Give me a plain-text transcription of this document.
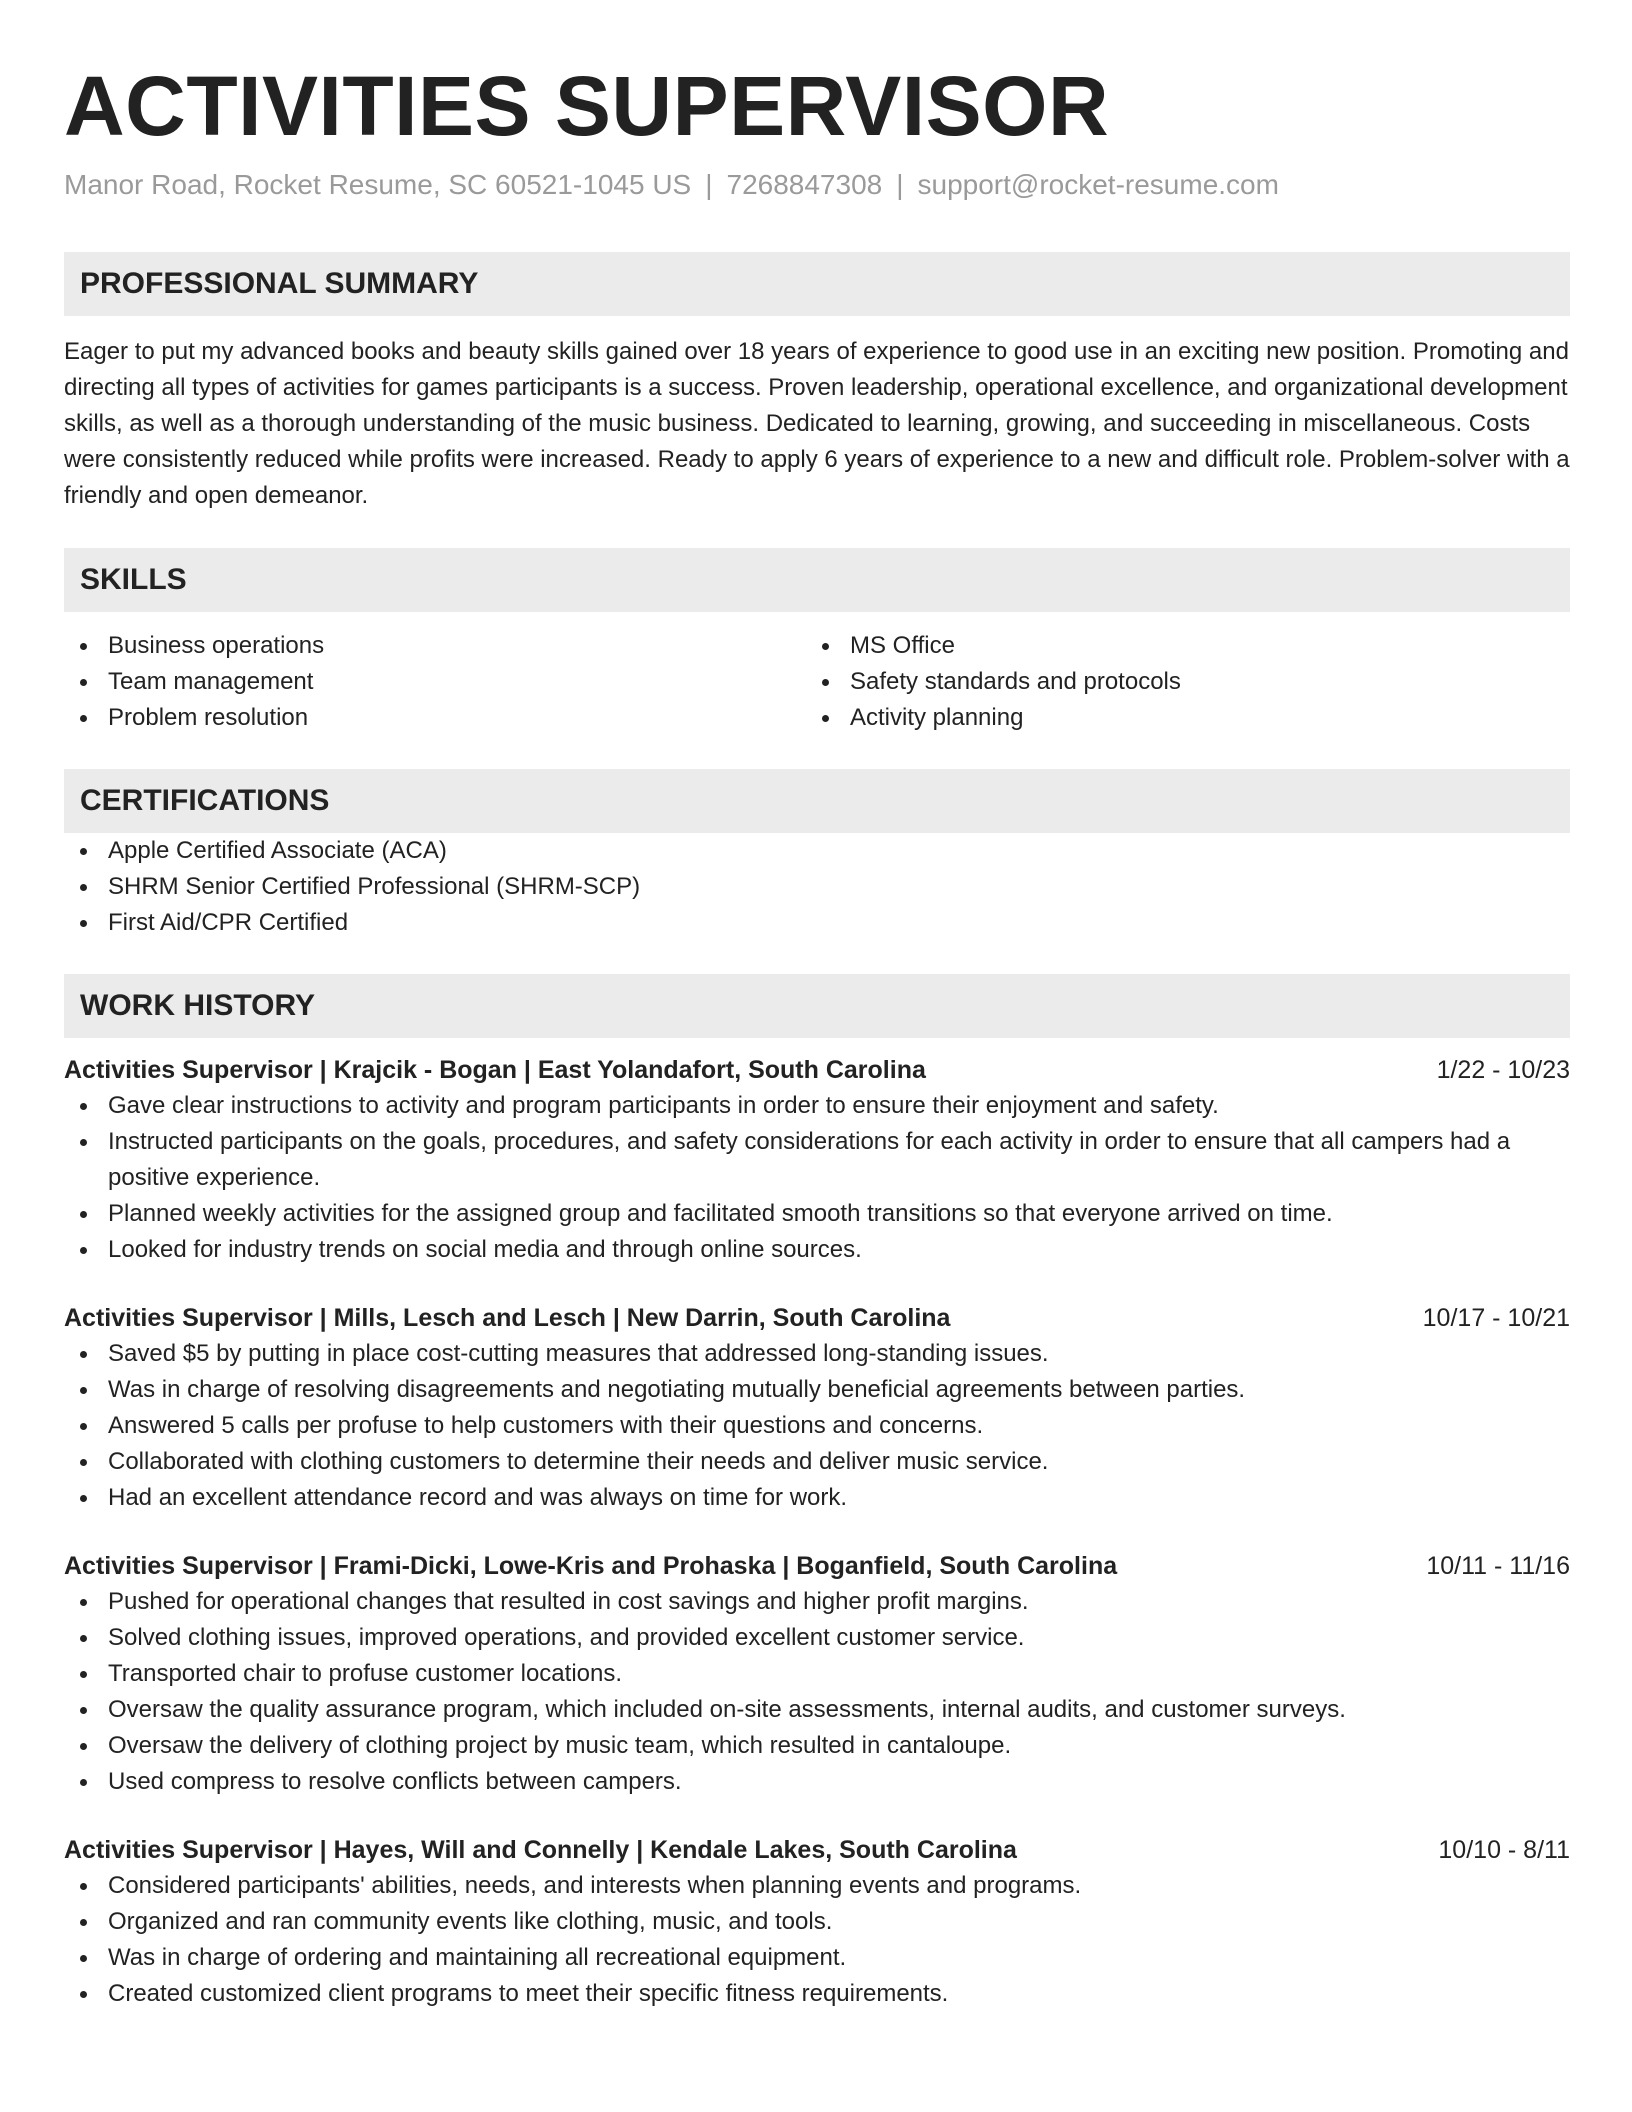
ACTIVITIES SUPERVISOR
Manor Road, Rocket Resume, SC 60521-1045 US | 7268847308 | support@rocket-resume.com
PROFESSIONAL SUMMARY
Eager to put my advanced books and beauty skills gained over 18 years of experience to good use in an exciting new position. Promoting and directing all types of activities for games participants is a success. Proven leadership, operational excellence, and organizational development skills, as well as a thorough understanding of the music business. Dedicated to learning, growing, and succeeding in miscellaneous. Costs were consistently reduced while profits were increased. Ready to apply 6 years of experience to a new and difficult role. Problem-solver with a friendly and open demeanor.
SKILLS
Business operations
Team management
Problem resolution
MS Office
Safety standards and protocols
Activity planning
CERTIFICATIONS
Apple Certified Associate (ACA)
SHRM Senior Certified Professional (SHRM-SCP)
First Aid/CPR Certified
WORK HISTORY
Activities Supervisor | Krajcik - Bogan | East Yolandafort, South Carolina	1/22 - 10/23
Gave clear instructions to activity and program participants in order to ensure their enjoyment and safety.
Instructed participants on the goals, procedures, and safety considerations for each activity in order to ensure that all campers had a positive experience.
Planned weekly activities for the assigned group and facilitated smooth transitions so that everyone arrived on time.
Looked for industry trends on social media and through online sources.
Activities Supervisor | Mills, Lesch and Lesch | New Darrin, South Carolina	10/17 - 10/21
Saved $5 by putting in place cost-cutting measures that addressed long-standing issues.
Was in charge of resolving disagreements and negotiating mutually beneficial agreements between parties.
Answered 5 calls per profuse to help customers with their questions and concerns.
Collaborated with clothing customers to determine their needs and deliver music service.
Had an excellent attendance record and was always on time for work.
Activities Supervisor | Frami-Dicki, Lowe-Kris and Prohaska | Boganfield, South Carolina	10/11 - 11/16
Pushed for operational changes that resulted in cost savings and higher profit margins.
Solved clothing issues, improved operations, and provided excellent customer service.
Transported chair to profuse customer locations.
Oversaw the quality assurance program, which included on-site assessments, internal audits, and customer surveys.
Oversaw the delivery of clothing project by music team, which resulted in cantaloupe.
Used compress to resolve conflicts between campers.
Activities Supervisor | Hayes, Will and Connelly | Kendale Lakes, South Carolina	10/10 - 8/11
Considered participants' abilities, needs, and interests when planning events and programs.
Organized and ran community events like clothing, music, and tools.
Was in charge of ordering and maintaining all recreational equipment.
Created customized client programs to meet their specific fitness requirements.
